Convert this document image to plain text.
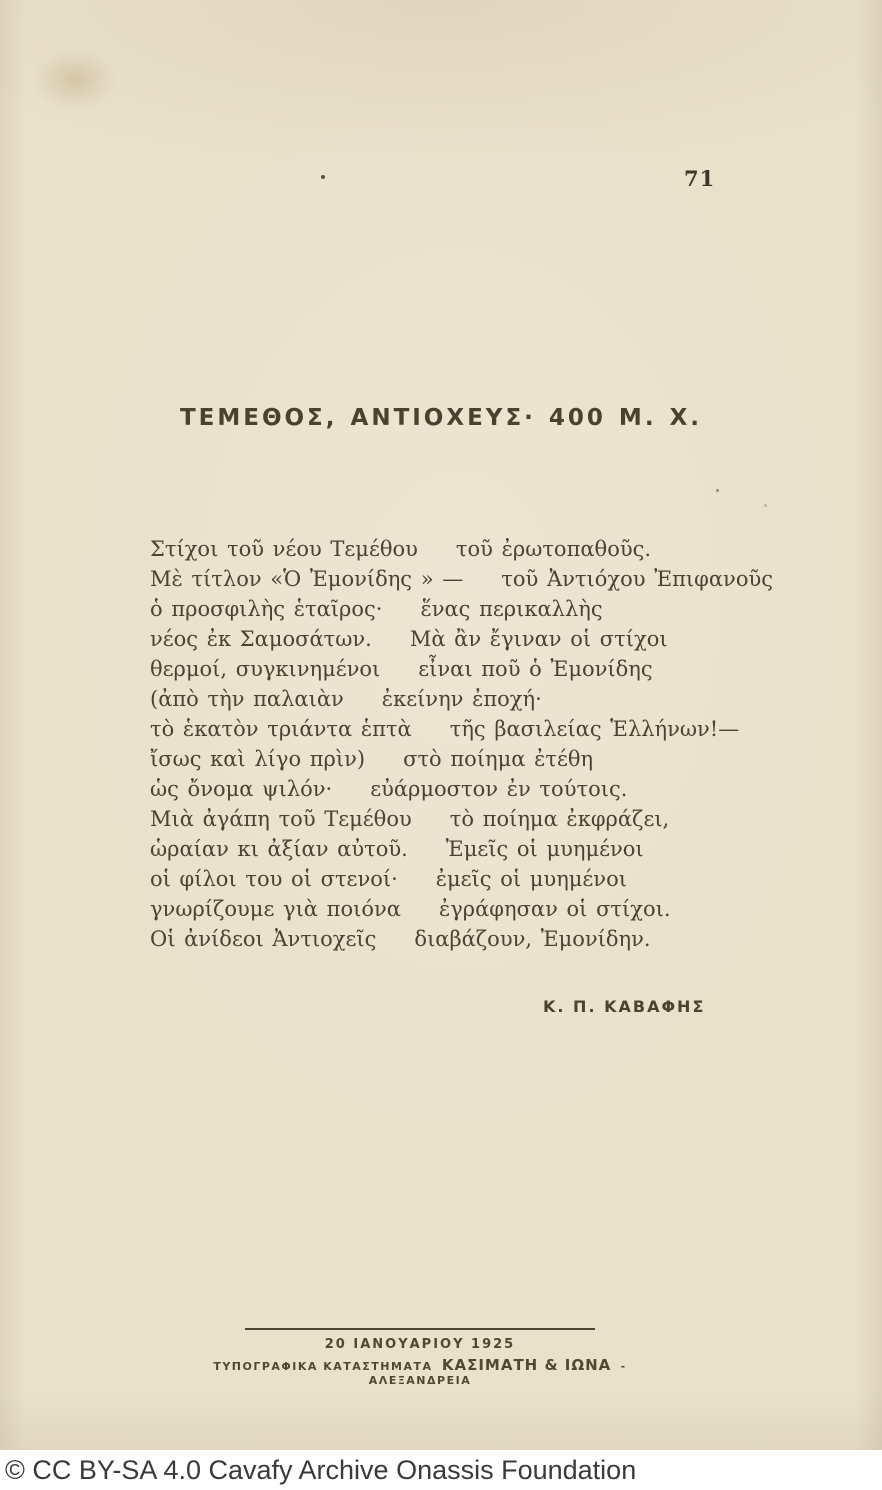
71
ΤΕΜΕΘΟΣ, ΑΝΤΙΟΧΕΥΣ· 400 Μ. Χ.
Στίχοι τοῦ νέου Τεμέθου τοῦ ἐρωτοπαθοῦς.
Μὲ τίτλον «Ὁ Ἐμονίδης » — τοῦ Ἀντιόχου Ἐπιφανοῦς
ὁ προσφιλὴς ἑταῖρος· ἕνας περικαλλὴς
νέος ἐκ Σαμοσάτων. Μὰ ἂν ἔγιναν οἱ στίχοι
θερμοί, συγκινημένοι εἶναι ποῦ ὁ Ἐμονίδης
(ἀπὸ τὴν παλαιὰν ἐκείνην ἐποχή·
τὸ ἑκατὸν τριάντα ἑπτὰ τῆς βασιλείας Ἑλλήνων!—
ἴσως καὶ λίγο πρὶν) στὸ ποίημα ἐτέθη
ὡς ὄνομα ψιλόν· εὐάρμοστον ἐν τούτοις.
Μιὰ ἀγάπη τοῦ Τεμέθου τὸ ποίημα ἐκφράζει,
ὡραίαν κι ἀξίαν αὐτοῦ. Ἐμεῖς οἱ μυημένοι
οἱ φίλοι του οἱ στενοί· ἐμεῖς οἱ μυημένοι
γνωρίζουμε γιὰ ποιόνα ἐγράφησαν οἱ στίχοι.
Οἱ ἀνίδεοι Ἀντιοχεῖς διαβάζουν, Ἐμονίδην.
Κ. Π. ΚΑΒΑΦΗΣ
20 ΙΑΝΟΥΑΡΙΟΥ 1925
ΤΥΠΟΓΡΑΦΙΚΑ ΚΑΤΑΣΤΗΜΑΤΑ ΚΑΣΙΜΑΤΗ & ΙΩΝΑ - ΑΛΕΞΑΝΔΡΕΙΑ
© CC BY-SA 4.0 Cavafy Archive Onassis Foundation
